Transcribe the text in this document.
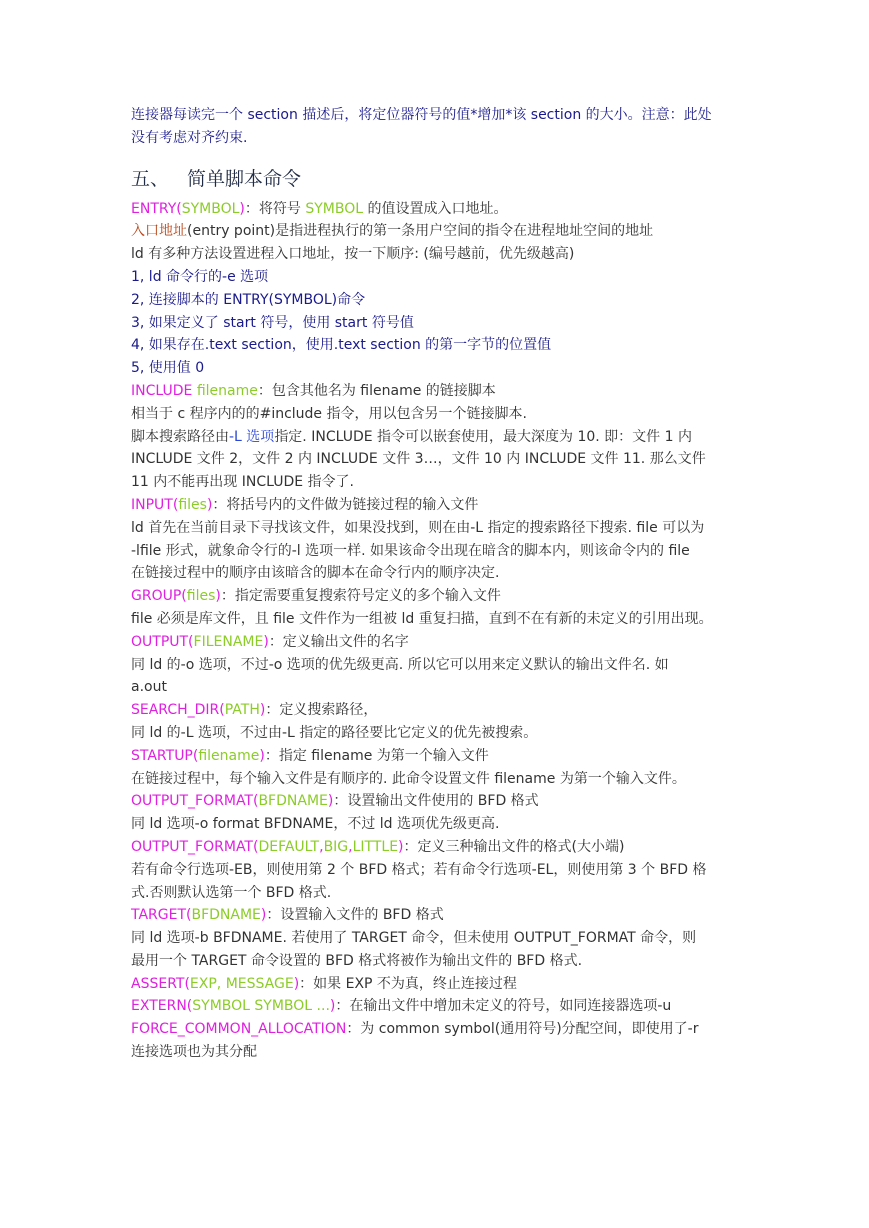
连接器每读完一个 section 描述后，将定位器符号的值*增加*该 section 的大小。注意：此处
没有考虑对齐约束.
五、 简单脚本命令
ENTRY(SYMBOL)：将符号 SYMBOL 的值设置成入口地址。
入口地址(entry point)是指进程执行的第一条用户空间的指令在进程地址空间的地址
ld 有多种方法设置进程入口地址，按一下顺序: (编号越前，优先级越高)
1, ld 命令行的-e 选项
2, 连接脚本的 ENTRY(SYMBOL)命令
3, 如果定义了 start 符号，使用 start 符号值
4, 如果存在.text section，使用.text section 的第一字节的位置值
5, 使用值 0
INCLUDE filename：包含其他名为 filename 的链接脚本
相当于 c 程序内的的#include 指令，用以包含另一个链接脚本.
脚本搜索路径由-L 选项指定. INCLUDE 指令可以嵌套使用，最大深度为 10. 即：文件 1 内
INCLUDE 文件 2，文件 2 内 INCLUDE 文件 3…，文件 10 内 INCLUDE 文件 11. 那么文件
11 内不能再出现 INCLUDE 指令了.
INPUT(files)：将括号内的文件做为链接过程的输入文件
ld 首先在当前目录下寻找该文件，如果没找到，则在由-L 指定的搜索路径下搜索. file 可以为
-lfile 形式，就象命令行的-l 选项一样. 如果该命令出现在暗含的脚本内，则该命令内的 file
在链接过程中的顺序由该暗含的脚本在命令行内的顺序决定.
GROUP(files)：指定需要重复搜索符号定义的多个输入文件
file 必须是库文件，且 file 文件作为一组被 ld 重复扫描，直到不在有新的未定义的引用出现。
OUTPUT(FILENAME)：定义输出文件的名字
同 ld 的-o 选项，不过-o 选项的优先级更高. 所以它可以用来定义默认的输出文件名. 如
a.out
SEARCH_DIR(PATH)：定义搜索路径，
同 ld 的-L 选项，不过由-L 指定的路径要比它定义的优先被搜索。
STARTUP(filename)：指定 filename 为第一个输入文件
在链接过程中，每个输入文件是有顺序的. 此命令设置文件 filename 为第一个输入文件。
OUTPUT_FORMAT(BFDNAME)：设置输出文件使用的 BFD 格式
同 ld 选项-o format BFDNAME，不过 ld 选项优先级更高.
OUTPUT_FORMAT(DEFAULT,BIG,LITTLE)：定义三种输出文件的格式(大小端)
若有命令行选项-EB，则使用第 2 个 BFD 格式；若有命令行选项-EL，则使用第 3 个 BFD 格
式.否则默认选第一个 BFD 格式.
TARGET(BFDNAME)：设置输入文件的 BFD 格式
同 ld 选项-b BFDNAME. 若使用了 TARGET 命令，但未使用 OUTPUT_FORMAT 命令，则
最用一个 TARGET 命令设置的 BFD 格式将被作为输出文件的 BFD 格式.
ASSERT(EXP, MESSAGE)：如果 EXP 不为真，终止连接过程
EXTERN(SYMBOL SYMBOL ...)：在输出文件中增加未定义的符号，如同连接器选项-u
FORCE_COMMON_ALLOCATION：为 common symbol(通用符号)分配空间，即使用了-r
连接选项也为其分配
